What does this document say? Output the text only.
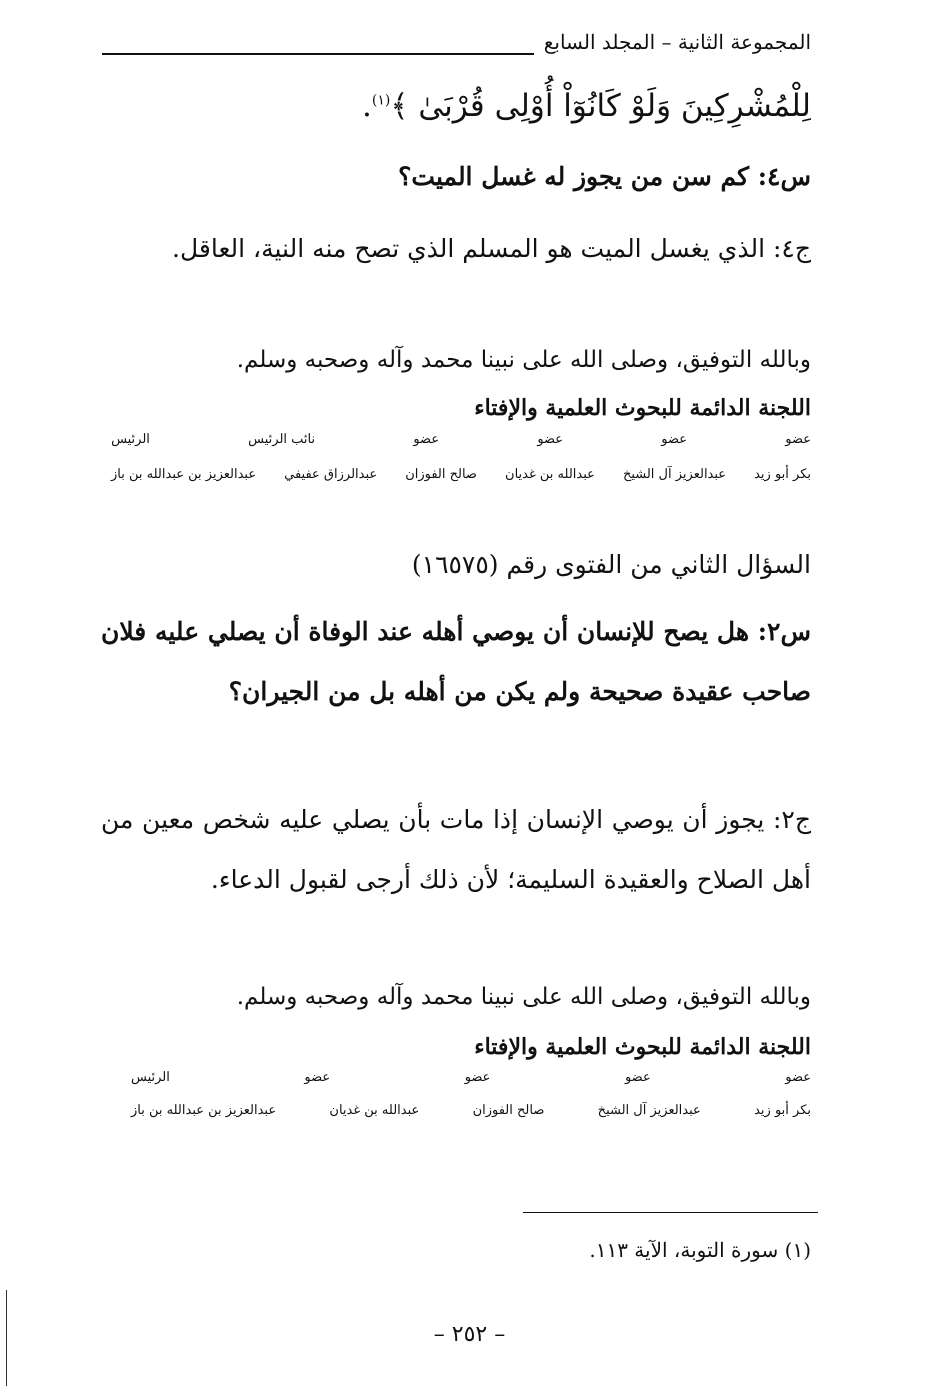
المجموعة الثانية – المجلد السابع
لِلْمُشْرِكِينَ وَلَوْ كَانُوٓاْ أُوْلِى قُرْبَىٰ ﴾$^{(١)}$.
س٤: كم سن من يجوز له غسل الميت؟
ج٤: الذي يغسل الميت هو المسلم الذي تصح منه النية، العاقل.
وبالله التوفيق، وصلى الله على نبينا محمد وآله وصحبه وسلم.
اللجنة الدائمة للبحوث العلمية والإفتاء
عضو
عضو
عضو
عضو
نائب الرئيس
الرئيس
بكر أبو زيد
عبدالعزيز آل الشيخ
عبدالله بن غديان
صالح الفوزان
عبدالرزاق عفيفي
عبدالعزيز بن عبدالله بن باز
السؤال الثاني من الفتوى رقم (١٦٥٧٥)
س٢: هل يصح للإنسان أن يوصي أهله عند الوفاة أن يصلي عليه فلان صاحب عقيدة صحيحة ولم يكن من أهله بل من الجيران؟
ج٢: يجوز أن يوصي الإنسان إذا مات بأن يصلي عليه شخص معين من أهل الصلاح والعقيدة السليمة؛ لأن ذلك أرجى لقبول الدعاء.
وبالله التوفيق، وصلى الله على نبينا محمد وآله وصحبه وسلم.
اللجنة الدائمة للبحوث العلمية والإفتاء
عضو
عضو
عضو
عضو
الرئيس
بكر أبو زيد
عبدالعزيز آل الشيخ
صالح الفوزان
عبدالله بن غديان
عبدالعزيز بن عبدالله بن باز
(١) سورة التوبة، الآية ١١٣.
– ٢٥٢ –
